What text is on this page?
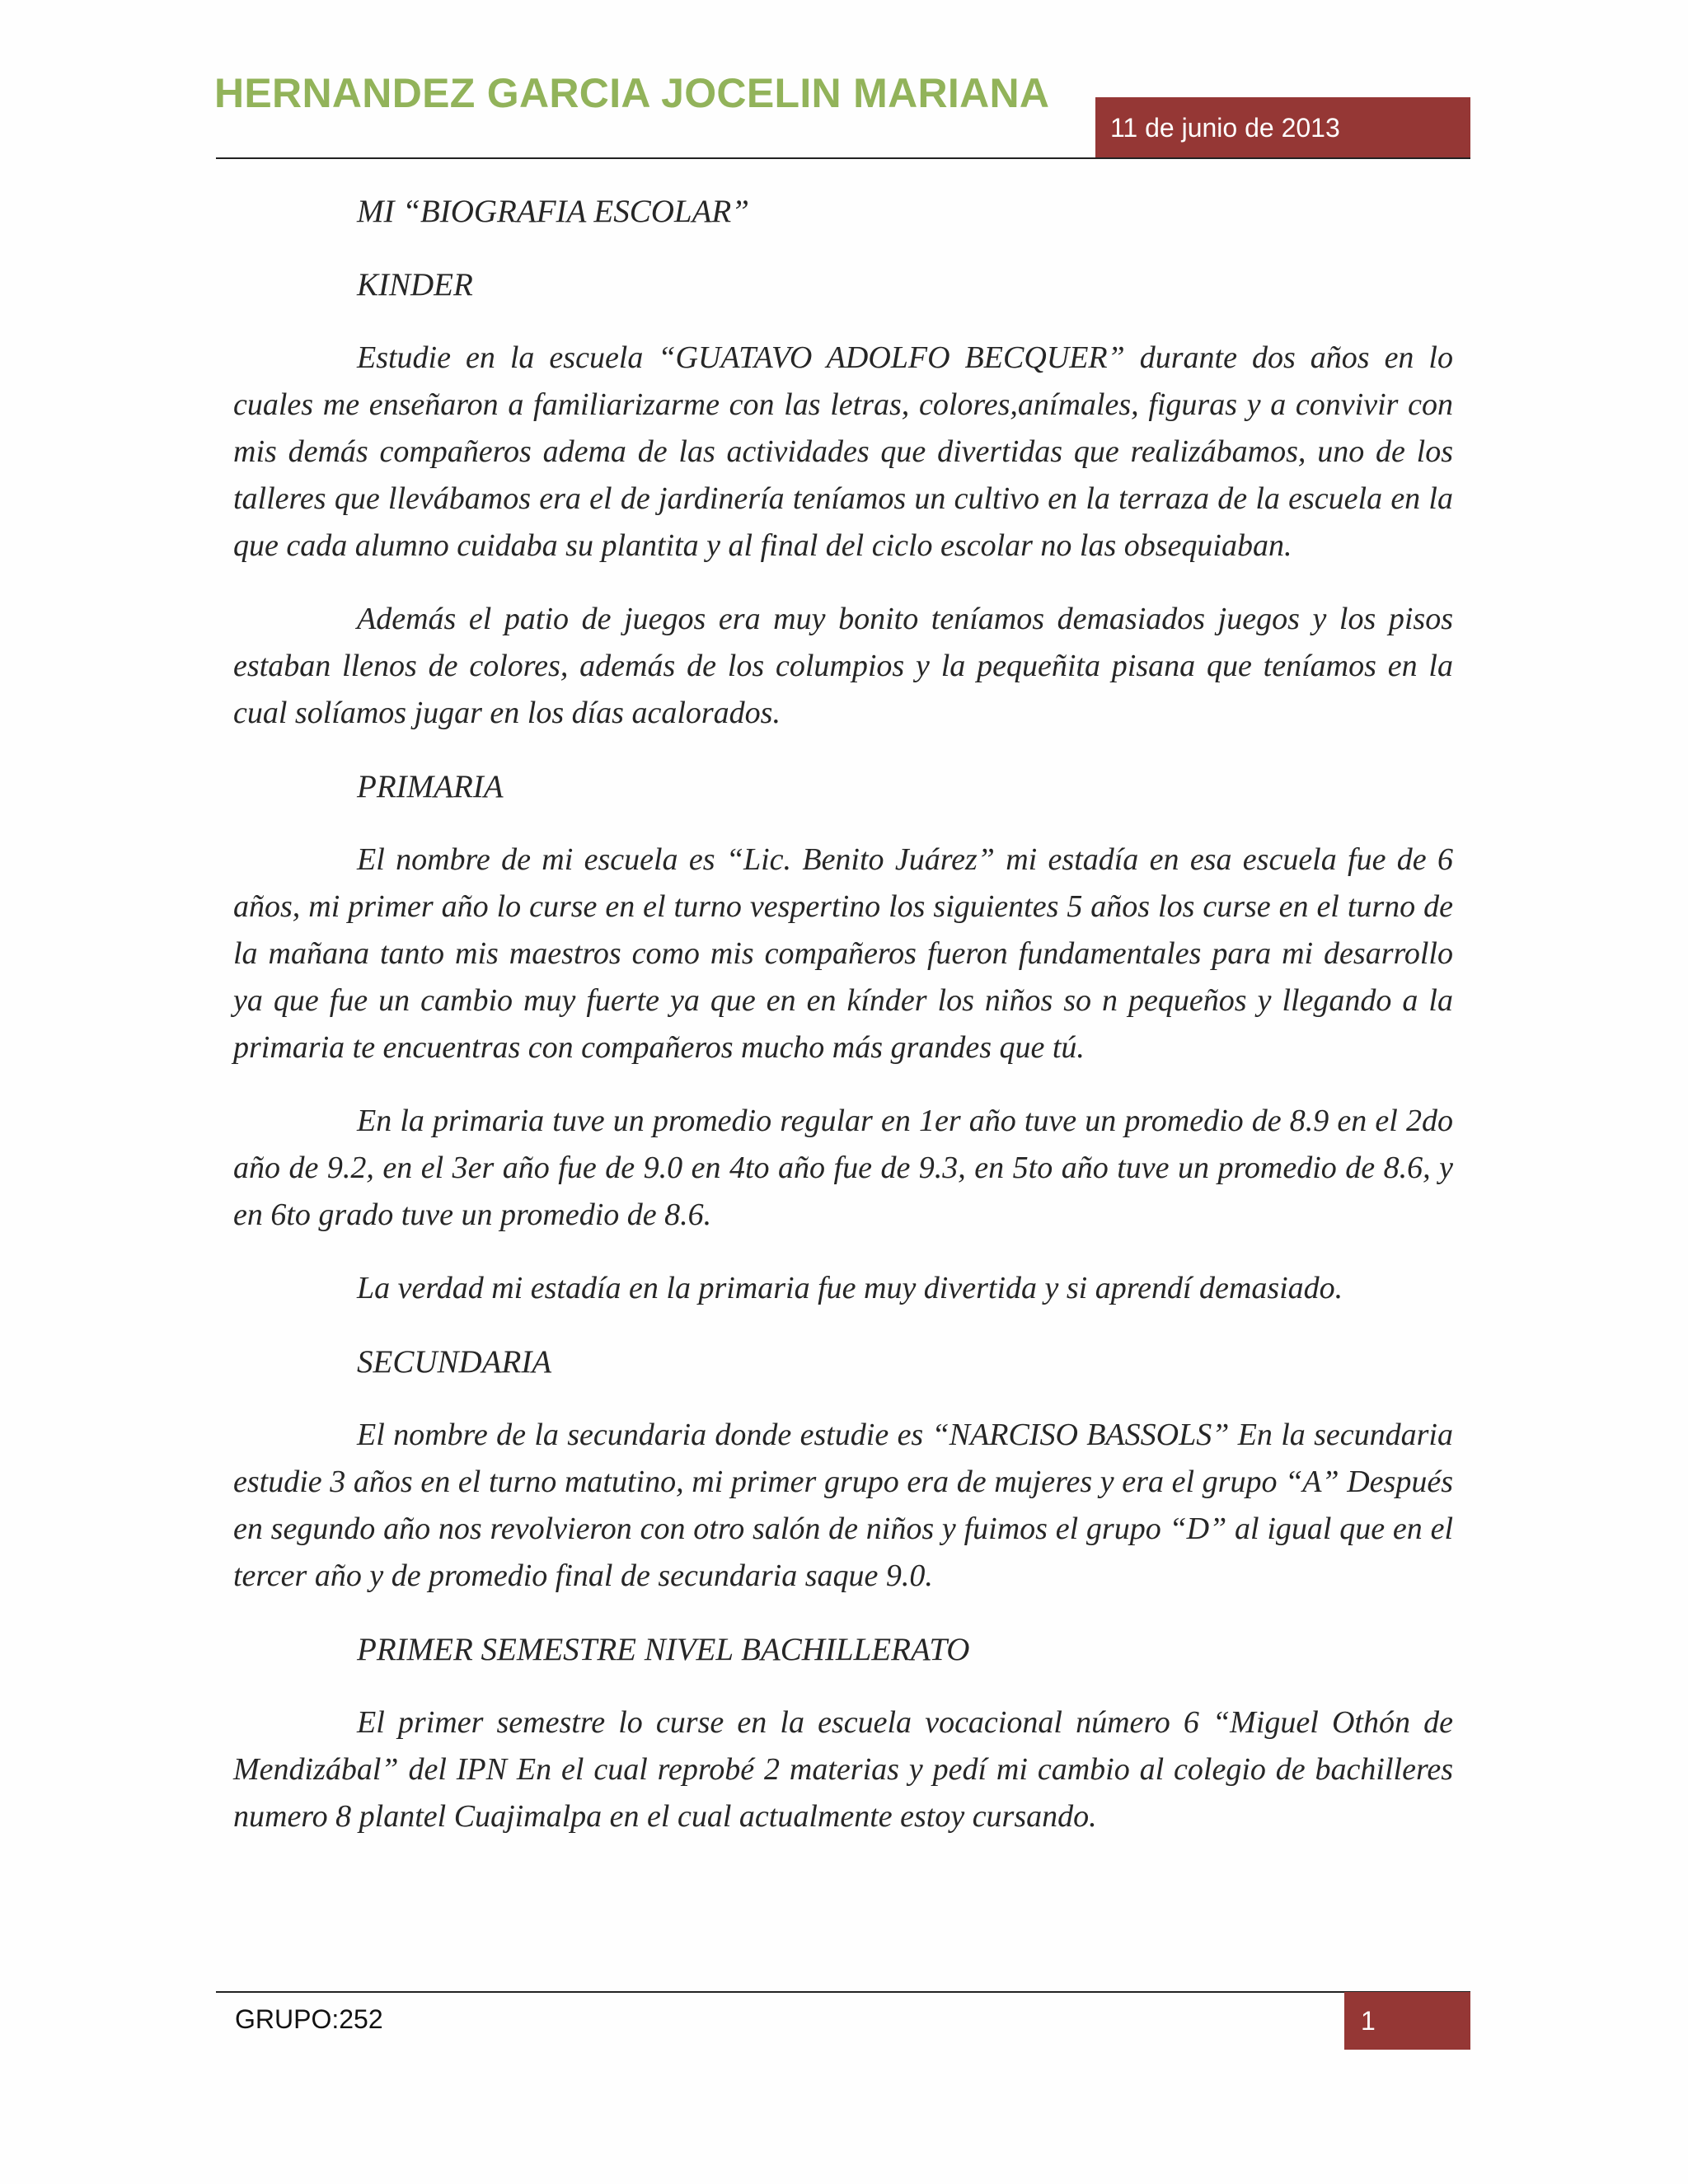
HERNANDEZ GARCIA JOCELIN MARIANA
11 de junio de 2013

MI “BIOGRAFIA ESCOLAR”

KINDER

Estudie en la escuela “GUATAVO ADOLFO BECQUER” durante dos años en lo cuales me enseñaron a familiarizarme con las letras, colores,anímales, figuras y a convivir con mis demás compañeros adema de las actividades que divertidas que realizábamos, uno de los talleres que llevábamos era el de jardinería teníamos un cultivo en la terraza de la escuela en la que cada alumno cuidaba su plantita y al final del ciclo escolar no las obsequiaban.

Además el patio de juegos era muy bonito teníamos demasiados juegos y los pisos estaban llenos de colores, además de los columpios y la pequeñita pisana que teníamos en la cual solíamos jugar en los días acalorados.

PRIMARIA

El nombre de mi escuela es “Lic. Benito Juárez” mi estadía en esa escuela fue de 6 años, mi primer año lo curse en el turno vespertino los siguientes 5 años los curse en el turno de la mañana tanto mis maestros como mis compañeros fueron fundamentales para mi desarrollo ya que fue un cambio muy fuerte ya que en en kínder los niños so n pequeños y llegando a la primaria te encuentras con compañeros mucho más grandes que tú.

En la primaria tuve un promedio regular en 1er año tuve un promedio de 8.9 en el 2do año de 9.2, en el 3er año fue de 9.0 en 4to año fue de 9.3, en 5to año tuve un promedio de 8.6, y en 6to grado tuve un promedio de 8.6.

La verdad mi estadía en la primaria fue muy divertida y si aprendí demasiado.

SECUNDARIA

El nombre de la secundaria donde estudie es “NARCISO BASSOLS” En la secundaria estudie 3 años en el turno matutino, mi primer grupo era de mujeres y era el grupo “A” Después en segundo año nos revolvieron con otro salón de niños y fuimos el grupo “D” al igual que en el tercer año y de promedio final de secundaria saque 9.0.

PRIMER SEMESTRE NIVEL BACHILLERATO

El primer semestre lo curse en la escuela vocacional número 6 “Miguel Othón de Mendizábal” del IPN En el cual reprobé 2 materias y pedí mi cambio al colegio de bachilleres numero 8 plantel Cuajimalpa en el cual actualmente estoy cursando.

GRUPO:252	1
